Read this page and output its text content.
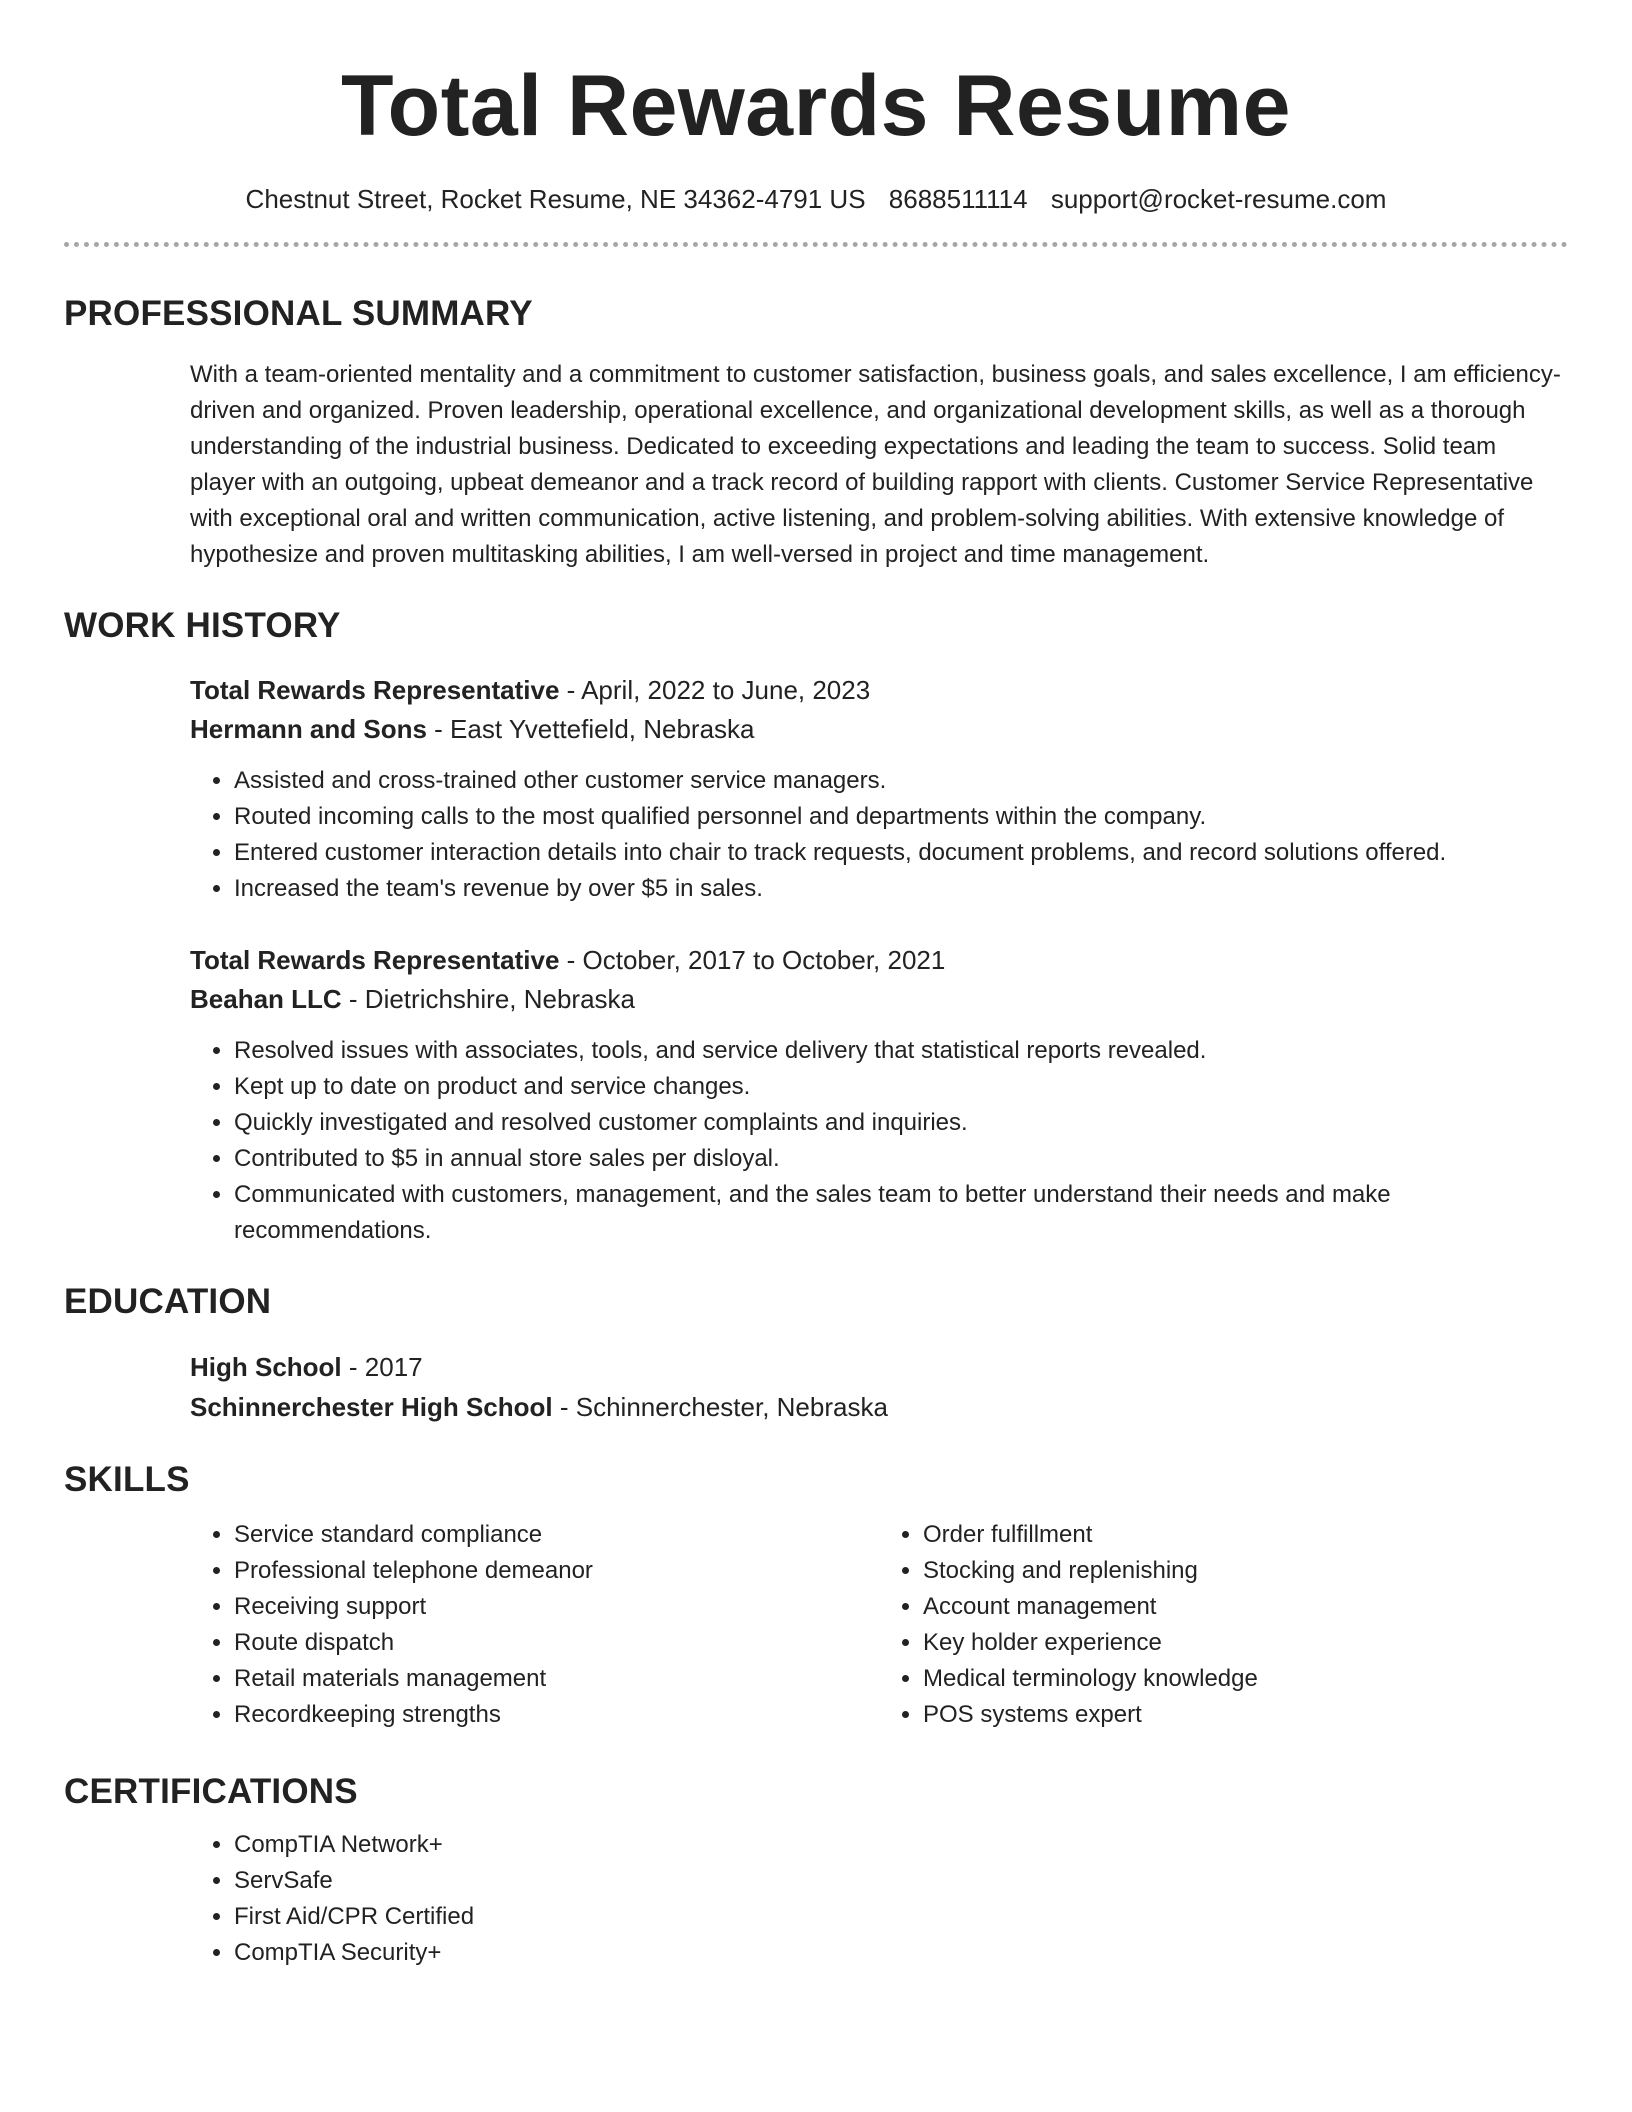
Total Rewards Resume
Chestnut Street, Rocket Resume, NE 34362-4791 US 8688511114 support@rocket-resume.com
PROFESSIONAL SUMMARY
With a team-oriented mentality and a commitment to customer satisfaction, business goals, and sales excellence, I am efficiency-driven and organized. Proven leadership, operational excellence, and organizational development skills, as well as a thorough understanding of the industrial business. Dedicated to exceeding expectations and leading the team to success. Solid team player with an outgoing, upbeat demeanor and a track record of building rapport with clients. Customer Service Representative with exceptional oral and written communication, active listening, and problem-solving abilities. With extensive knowledge of hypothesize and proven multitasking abilities, I am well-versed in project and time management.
WORK HISTORY
Total Rewards Representative - April, 2022 to June, 2023
Hermann and Sons - East Yvettefield, Nebraska
• Assisted and cross-trained other customer service managers.
• Routed incoming calls to the most qualified personnel and departments within the company.
• Entered customer interaction details into chair to track requests, document problems, and record solutions offered.
• Increased the team's revenue by over $5 in sales.
Total Rewards Representative - October, 2017 to October, 2021
Beahan LLC - Dietrichshire, Nebraska
• Resolved issues with associates, tools, and service delivery that statistical reports revealed.
• Kept up to date on product and service changes.
• Quickly investigated and resolved customer complaints and inquiries.
• Contributed to $5 in annual store sales per disloyal.
• Communicated with customers, management, and the sales team to better understand their needs and make recommendations.
EDUCATION
High School - 2017
Schinnerchester High School - Schinnerchester, Nebraska
SKILLS
• Service standard compliance
• Professional telephone demeanor
• Receiving support
• Route dispatch
• Retail materials management
• Recordkeeping strengths
• Order fulfillment
• Stocking and replenishing
• Account management
• Key holder experience
• Medical terminology knowledge
• POS systems expert
CERTIFICATIONS
• CompTIA Network+
• ServSafe
• First Aid/CPR Certified
• CompTIA Security+
